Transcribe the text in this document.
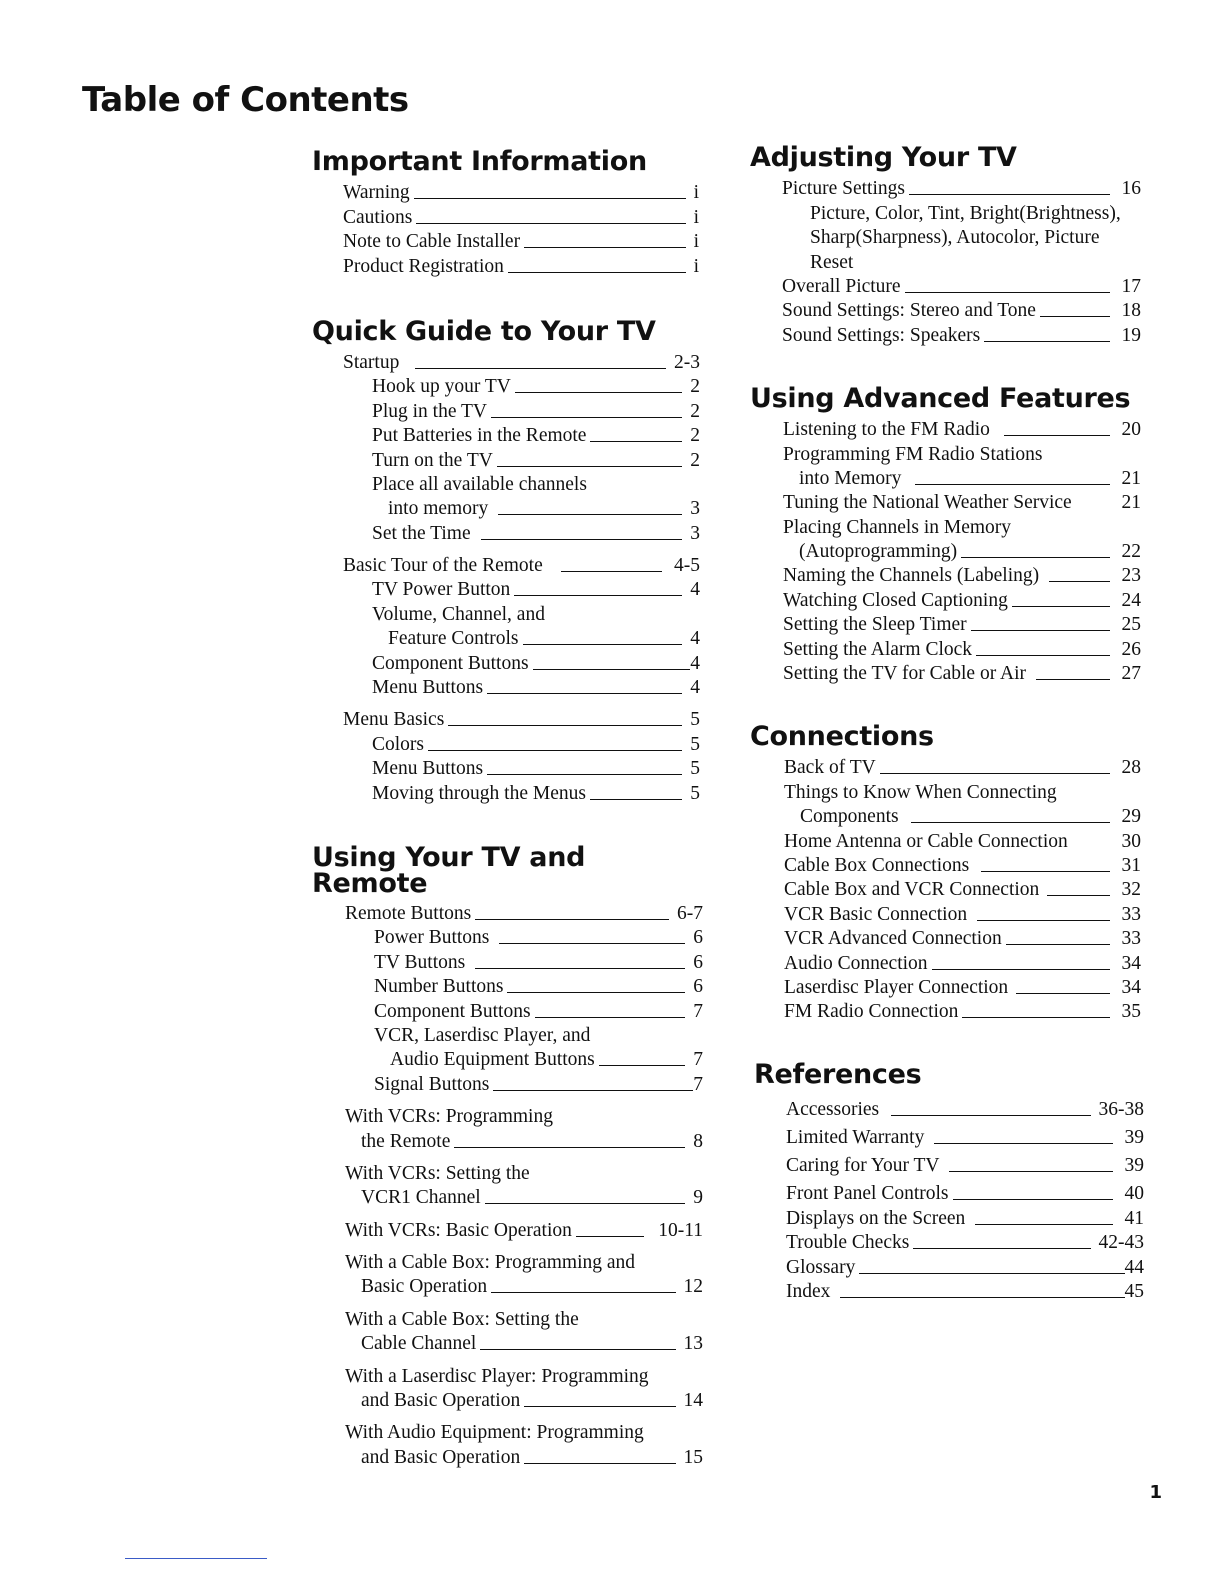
Table of Contents
Important Information
Warning	i
Cautions	i
Note to Cable Installer	i
Product Registration	i
Quick Guide to Your TV
Startup	2-3
Hook up your TV	2
Plug in the TV	2
Put Batteries in the Remote	2
Turn on the TV	2
Place all available channels
into memory	3
Set the Time	3
Basic Tour of the Remote	4-5
TV Power Button	4
Volume, Channel, and
Feature Controls	4
Component Buttons	4
Menu Buttons	4
Menu Basics	5
Colors	5
Menu Buttons	5
Moving through the Menus	5
Using Your TV and
Remote
Remote Buttons	6-7
Power Buttons	6
TV Buttons	6
Number Buttons	6
Component Buttons	7
VCR, Laserdisc Player, and
Audio Equipment Buttons	7
Signal Buttons	7
With VCRs: Programming
the Remote	8
With VCRs: Setting the
VCR1 Channel	9
With VCRs: Basic Operation	10-11
With a Cable Box: Programming and
Basic Operation	12
With a Cable Box: Setting the
Cable Channel	13
With a Laserdisc Player: Programming
and Basic Operation	14
With Audio Equipment: Programming
and Basic Operation	15
Adjusting Your TV
Picture Settings	16
Picture, Color, Tint, Bright(Brightness),
Sharp(Sharpness), Autocolor, Picture
Reset
Overall Picture	17
Sound Settings: Stereo and Tone	18
Sound Settings: Speakers	19
Using Advanced Features
Listening to the FM Radio	20
Programming FM Radio Stations
into Memory	21
Tuning the National Weather Service	21
Placing Channels in Memory
(Autoprogramming)	22
Naming the Channels (Labeling)	23
Watching Closed Captioning	24
Setting the Sleep Timer	25
Setting the Alarm Clock	26
Setting the TV for Cable or Air	27
Connections
Back of TV	28
Things to Know When Connecting
Components	29
Home Antenna or Cable Connection	30
Cable Box Connections	31
Cable Box and VCR Connection	32
VCR Basic Connection	33
VCR Advanced Connection	33
Audio Connection	34
Laserdisc Player Connection	34
FM Radio Connection	35
References
Accessories	36-38
Limited Warranty	39
Caring for Your TV	39
Front Panel Controls	40
Displays on the Screen	41
Trouble Checks	42-43
Glossary	44
Index	45
1
